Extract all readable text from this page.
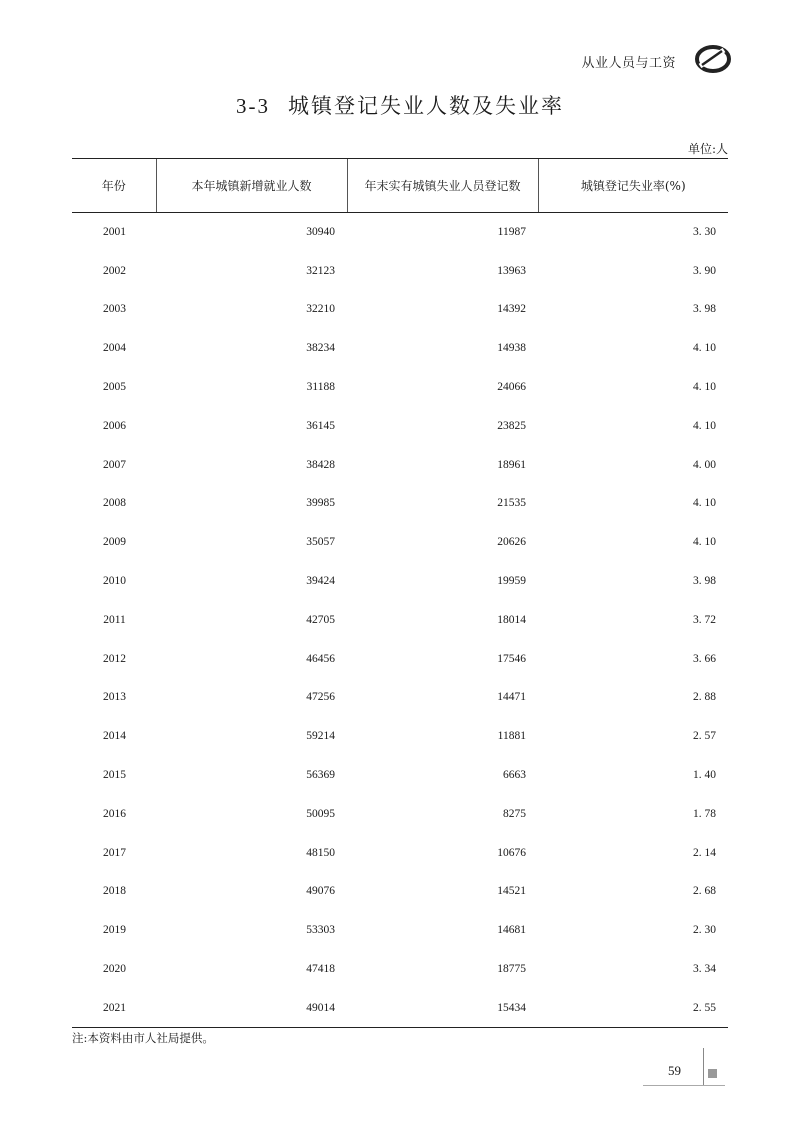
从业人员与工资
3-3 城镇登记失业人数及失业率
单位:人
年份	本年城镇新增就业人数	年末实有城镇失业人员登记数	城镇登记失业率(%)
2001	30940	11987	3. 30
2002	32123	13963	3. 90
2003	32210	14392	3. 98
2004	38234	14938	4. 10
2005	31188	24066	4. 10
2006	36145	23825	4. 10
2007	38428	18961	4. 00
2008	39985	21535	4. 10
2009	35057	20626	4. 10
2010	39424	19959	3. 98
2011	42705	18014	3. 72
2012	46456	17546	3. 66
2013	47256	14471	2. 88
2014	59214	11881	2. 57
2015	56369	6663	1. 40
2016	50095	8275	1. 78
2017	48150	10676	2. 14
2018	49076	14521	2. 68
2019	53303	14681	2. 30
2020	47418	18775	3. 34
2021	49014	15434	2. 55
注:本资料由市人社局提供。
59
